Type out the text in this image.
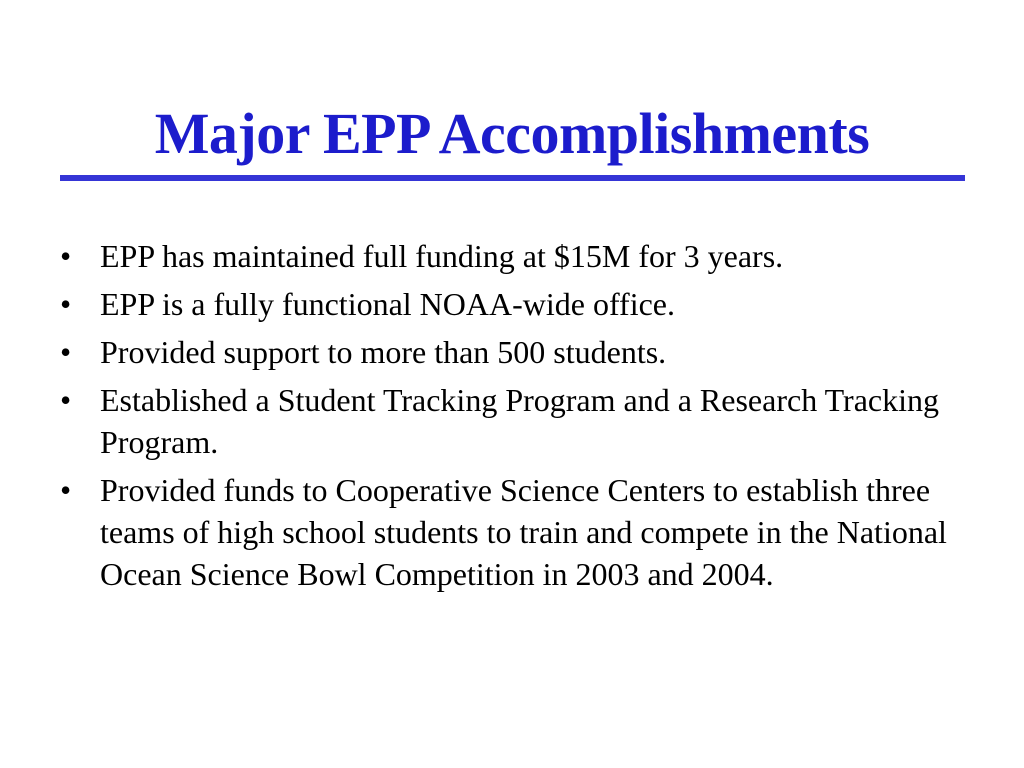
Major EPP Accomplishments
• EPP has maintained full funding at $15M for 3 years.
• EPP is a fully functional NOAA-wide office.
• Provided support to more than 500 students.
• Established a Student Tracking Program and a Research Tracking Program.
• Provided funds to Cooperative Science Centers to establish three teams of high school students to train and compete in the National Ocean Science Bowl Competition in 2003 and 2004.
